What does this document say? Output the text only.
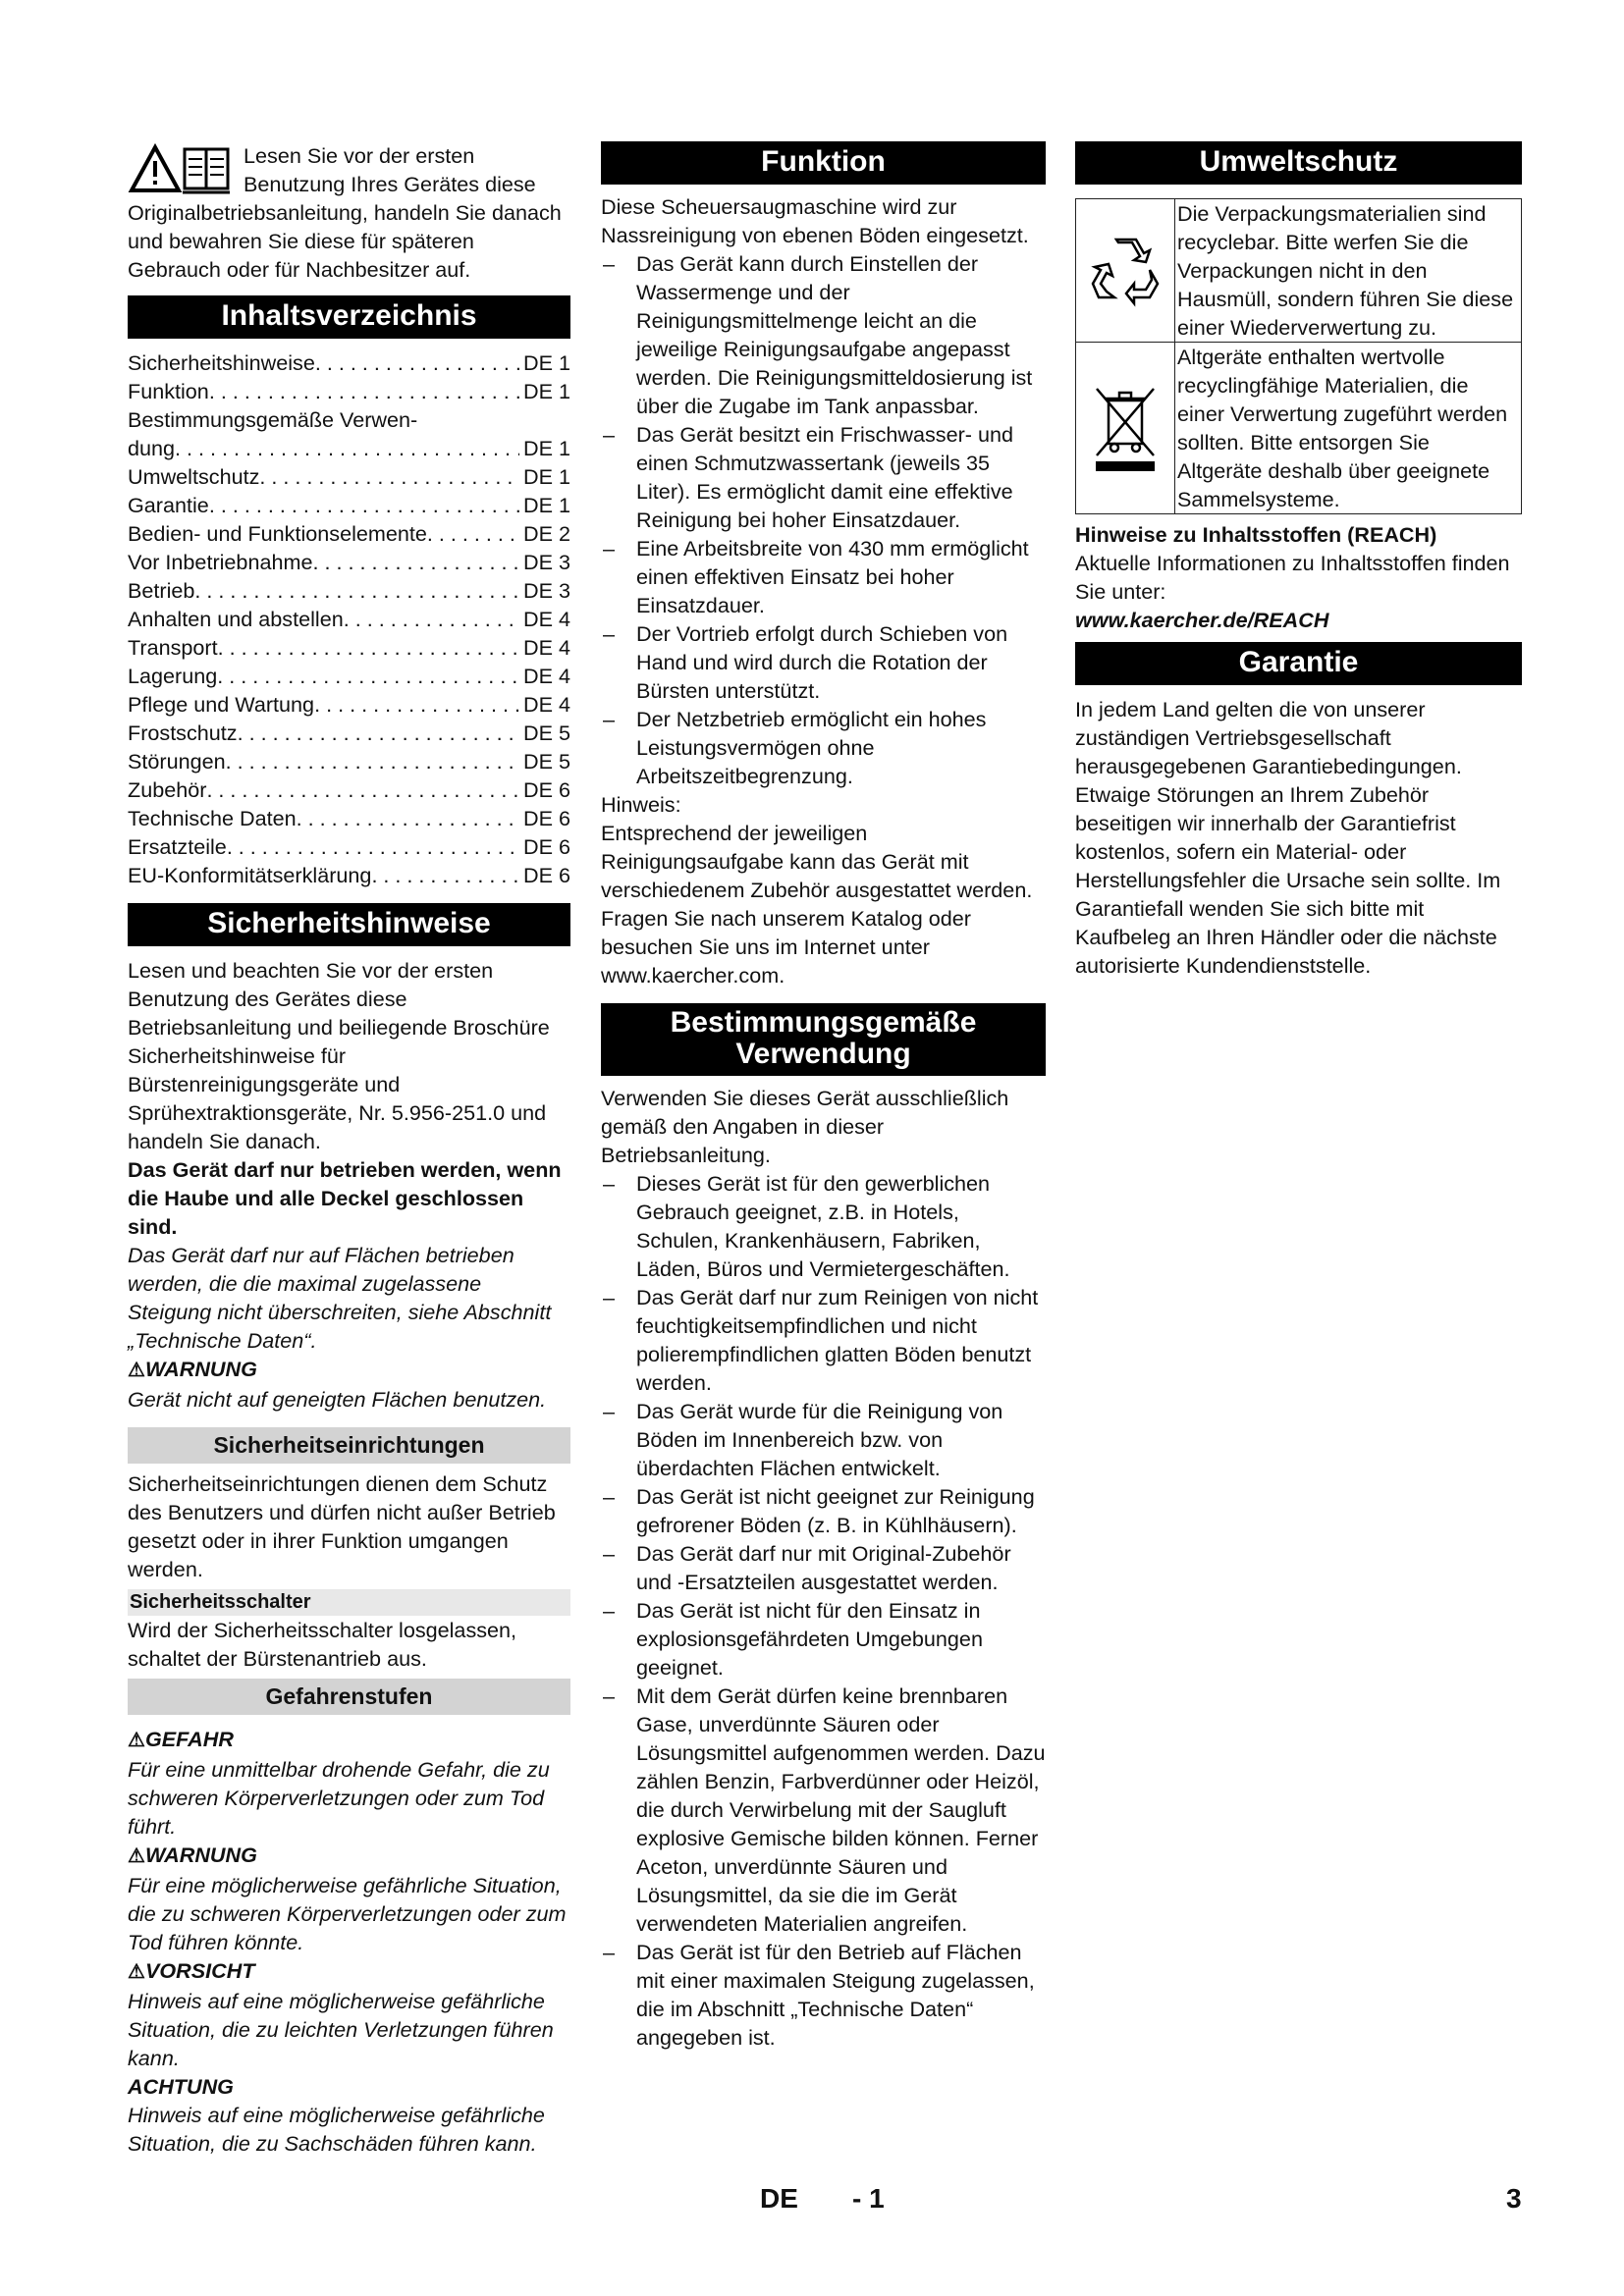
Lesen Sie vor der ersten Benutzung Ihres Gerätes diese Originalbetriebsanleitung, handeln Sie danach und bewahren Sie diese für späteren Gebrauch oder für Nachbesitzer auf.

Inhaltsverzeichnis
Sicherheitshinweise . . .	DE 1
Funktion . . .	DE 1
Bestimmungsgemäße Verwen-
dung . . .	DE 1
Umweltschutz . . .	DE 1
Garantie . . .	DE 1
Bedien- und Funktionselemente . . .	DE 2
Vor Inbetriebnahme . . .	DE 3
Betrieb . . .	DE 3
Anhalten und abstellen . . .	DE 4
Transport . . .	DE 4
Lagerung . . .	DE 4
Pflege und Wartung . . .	DE 4
Frostschutz . . .	DE 5
Störungen . . .	DE 5
Zubehör . . .	DE 6
Technische Daten . . .	DE 6
Ersatzteile . . .	DE 6
EU-Konformitätserklärung . . .	DE 6
Sicherheitshinweise

Lesen und beachten Sie vor der ersten Benutzung des Gerätes diese Betriebsanleitung und beiliegende Broschüre Sicherheitshinweise für Bürstenreinigungsgeräte und Sprühextraktionsgeräte, Nr. 5.956-251.0 und handeln Sie danach.

Das Gerät darf nur betrieben werden, wenn die Haube und alle Deckel geschlossen sind.

Das Gerät darf nur auf Flächen betrieben werden, die die maximal zugelassene Steigung nicht überschreiten, siehe Abschnitt „Technische Daten“.

⚠WARNUNG

Gerät nicht auf geneigten Flächen benutzen.

Sicherheitseinrichtungen

Sicherheitseinrichtungen dienen dem Schutz des Benutzers und dürfen nicht außer Betrieb gesetzt oder in ihrer Funktion umgangen werden.

Sicherheitsschalter

Wird der Sicherheitsschalter losgelassen, schaltet der Bürstenantrieb aus.

Gefahrenstufen

⚠GEFAHR

Für eine unmittelbar drohende Gefahr, die zu schweren Körperverletzungen oder zum Tod führt.

⚠WARNUNG

Für eine möglicherweise gefährliche Situation, die zu schweren Körperverletzungen oder zum Tod führen könnte.

⚠VORSICHT

Hinweis auf eine möglicherweise gefährliche Situation, die zu leichten Verletzungen führen kann.

ACHTUNG

Hinweis auf eine möglicherweise gefährliche Situation, die zu Sachschäden führen kann.

Funktion

Diese Scheuersaugmaschine wird zur Nassreinigung von ebenen Böden eingesetzt.

– Das Gerät kann durch Einstellen der Wassermenge und der Reinigungsmittelmenge leicht an die jeweilige Reinigungsaufgabe angepasst werden. Die Reinigungsmitteldosierung ist über die Zugabe im Tank anpassbar.
– Das Gerät besitzt ein Frischwasser- und einen Schmutzwassertank (jeweils 35 Liter). Es ermöglicht damit eine effektive Reinigung bei hoher Einsatzdauer.
– Eine Arbeitsbreite von 430 mm ermöglicht einen effektiven Einsatz bei hoher Einsatzdauer.
– Der Vortrieb erfolgt durch Schieben von Hand und wird durch die Rotation der Bürsten unterstützt.
– Der Netzbetrieb ermöglicht ein hohes Leistungsvermögen ohne Arbeitszeitbegrenzung.

Hinweis:

Entsprechend der jeweiligen Reinigungsaufgabe kann das Gerät mit verschiedenem Zubehör ausgestattet werden.

Fragen Sie nach unserem Katalog oder besuchen Sie uns im Internet unter www.kaercher.com.

Bestimmungsgemäße
Verwendung

Verwenden Sie dieses Gerät ausschließlich gemäß den Angaben in dieser Betriebsanleitung.

– Dieses Gerät ist für den gewerblichen Gebrauch geeignet, z.B. in Hotels, Schulen, Krankenhäusern, Fabriken, Läden, Büros und Vermietergeschäften.
– Das Gerät darf nur zum Reinigen von nicht feuchtigkeitsempfindlichen und nicht polierempfindlichen glatten Böden benutzt werden.
– Das Gerät wurde für die Reinigung von Böden im Innenbereich bzw. von überdachten Flächen entwickelt.
– Das Gerät ist nicht geeignet zur Reinigung gefrorener Böden (z. B. in Kühlhäusern).
– Das Gerät darf nur mit Original-Zubehör und -Ersatzteilen ausgestattet werden.
– Das Gerät ist nicht für den Einsatz in explosionsgefährdeten Umgebungen geeignet.
– Mit dem Gerät dürfen keine brennbaren Gase, unverdünnte Säuren oder Lösungsmittel aufgenommen werden. Dazu zählen Benzin, Farbverdünner oder Heizöl, die durch Verwirbelung mit der Saugluft explosive Gemische bilden können. Ferner Aceton, unverdünnte Säuren und Lösungsmittel, da sie die im Gerät verwendeten Materialien angreifen.
– Das Gerät ist für den Betrieb auf Flächen mit einer maximalen Steigung zugelassen, die im Abschnitt „Technische Daten“ angegeben ist.
Umweltschutz
Die Verpackungsmaterialien sind recyclebar. Bitte werfen Sie die Verpackungen nicht in den Hausmüll, sondern führen Sie diese einer Wiederverwertung zu.
Altgeräte enthalten wertvolle recyclingfähige Materialien, die einer Verwertung zugeführt werden sollten. Bitte entsorgen Sie Altgeräte deshalb über geeignete Sammelsysteme.

Hinweise zu Inhaltsstoffen (REACH)

Aktuelle Informationen zu Inhaltsstoffen finden Sie unter:

www.kaercher.de/REACH

Garantie

In jedem Land gelten die von unserer zuständigen Vertriebsgesellschaft herausgegebenen Garantiebedingungen. Etwaige Störungen an Ihrem Zubehör beseitigen wir innerhalb der Garantiefrist kostenlos, sofern ein Material- oder Herstellungsfehler die Ursache sein sollte. Im Garantiefall wenden Sie sich bitte mit Kaufbeleg an Ihren Händler oder die nächste autorisierte Kundendienststelle.

DE - 1	3
